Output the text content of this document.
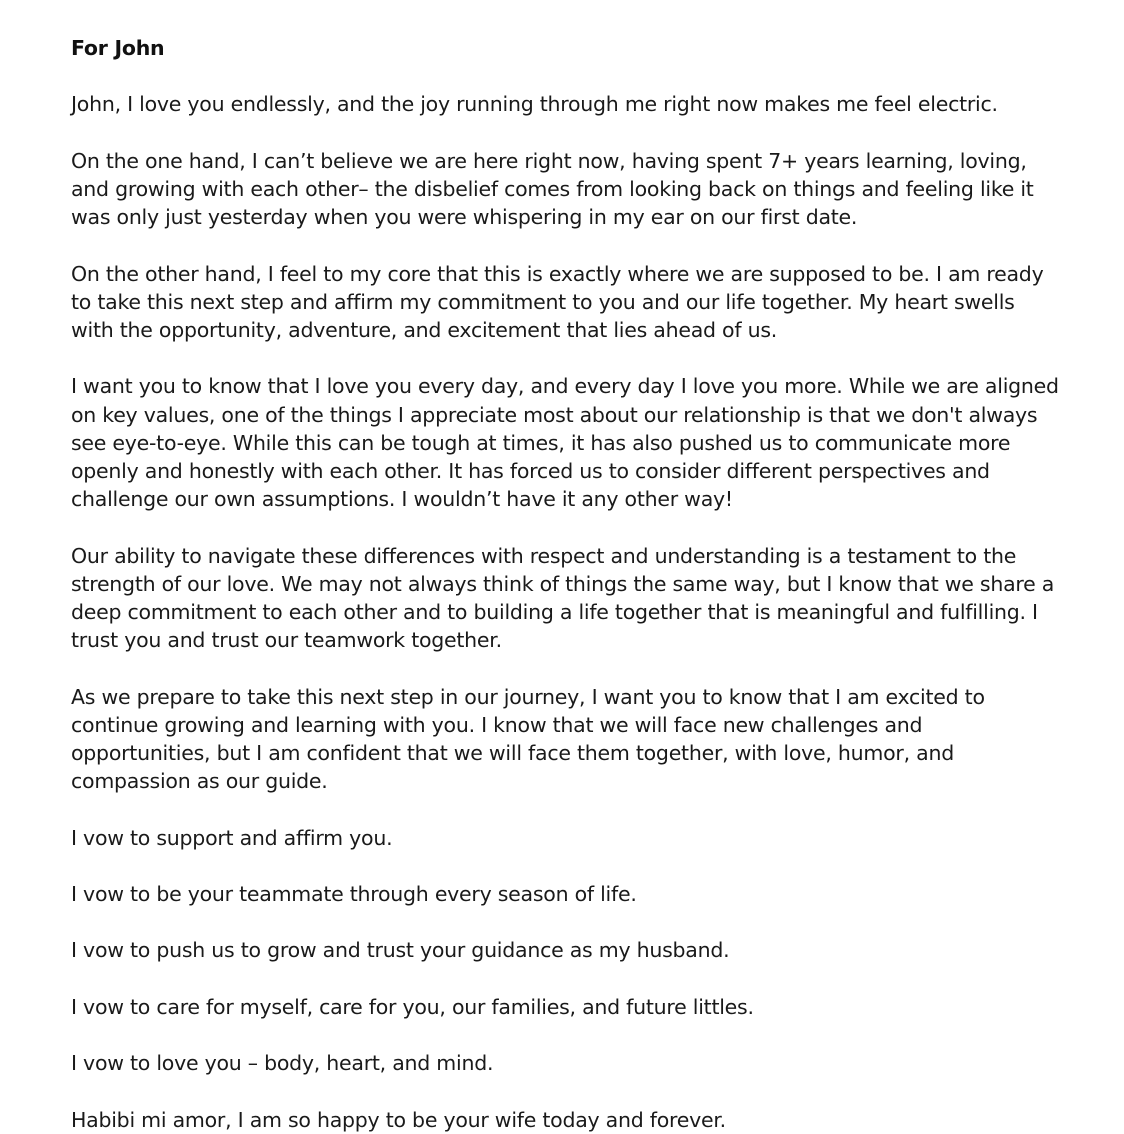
For John

John, I love you endlessly, and the joy running through me right now makes me feel electric.

On the one hand, I can’t believe we are here right now, having spent 7+ years learning, loving, and growing with each other– the disbelief comes from looking back on things and feeling like it was only just yesterday when you were whispering in my ear on our first date.

On the other hand, I feel to my core that this is exactly where we are supposed to be. I am ready to take this next step and affirm my commitment to you and our life together. My heart swells with the opportunity, adventure, and excitement that lies ahead of us.

I want you to know that I love you every day, and every day I love you more. While we are aligned on key values, one of the things I appreciate most about our relationship is that we don't always see eye-to-eye. While this can be tough at times, it has also pushed us to communicate more openly and honestly with each other. It has forced us to consider different perspectives and challenge our own assumptions. I wouldn’t have it any other way!

Our ability to navigate these differences with respect and understanding is a testament to the strength of our love. We may not always think of things the same way, but I know that we share a deep commitment to each other and to building a life together that is meaningful and fulfilling. I trust you and trust our teamwork together.

As we prepare to take this next step in our journey, I want you to know that I am excited to continue growing and learning with you. I know that we will face new challenges and opportunities, but I am confident that we will face them together, with love, humor, and compassion as our guide.

I vow to support and affirm you.

I vow to be your teammate through every season of life.

I vow to push us to grow and trust your guidance as my husband.

I vow to care for myself, care for you, our families, and future littles.

I vow to love you – body, heart, and mind.

Habibi mi amor, I am so happy to be your wife today and forever.
